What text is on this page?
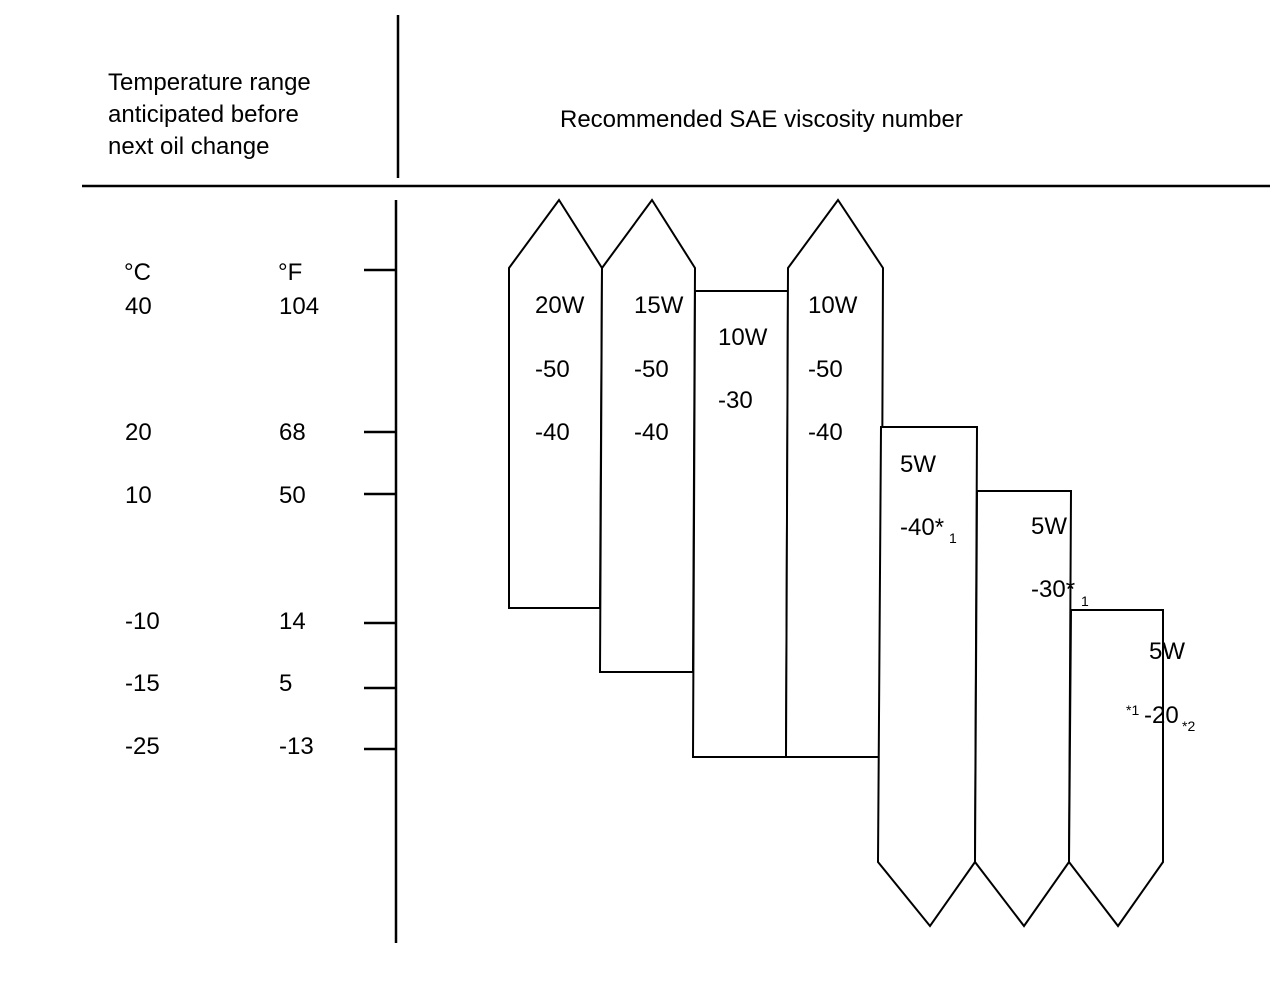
Temperature range
anticipated before
next oil change
Recommended SAE viscosity number
°C	°F
40	104
20	68
10	50
-10	14
-15	5
-25	-13
20W
-50
-40
15W
-50
-40
10W
-30
10W
-50
-40
5W
-40* 1	5W
-30* 1
5W
*1 -20 *2
